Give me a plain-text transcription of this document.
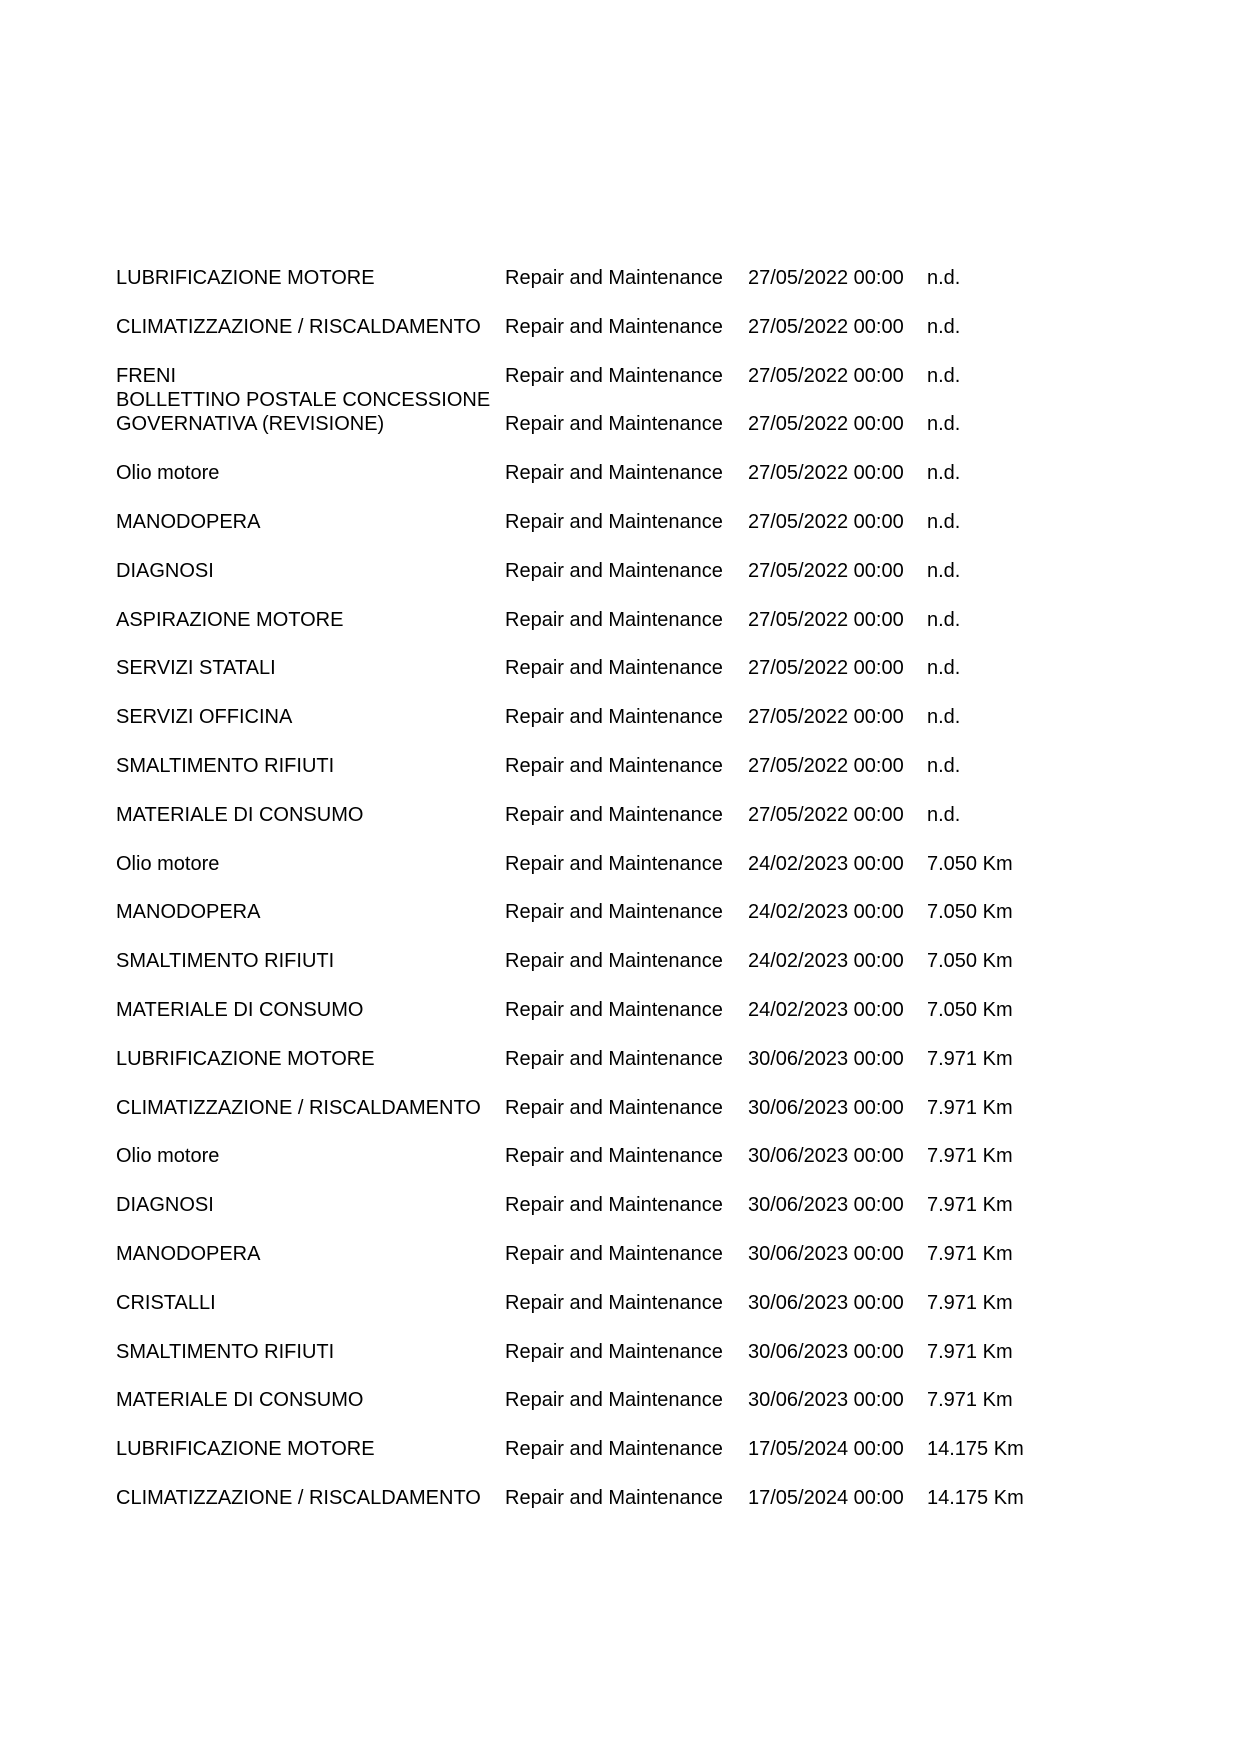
LUBRIFICAZIONE MOTORE	Repair and Maintenance	27/05/2022 00:00	n.d.
CLIMATIZZAZIONE / RISCALDAMENTO	Repair and Maintenance	27/05/2022 00:00	n.d.
FRENI	Repair and Maintenance	27/05/2022 00:00	n.d.
BOLLETTINO POSTALE CONCESSIONE
GOVERNATIVA (REVISIONE)	Repair and Maintenance	27/05/2022 00:00	n.d.
Olio motore	Repair and Maintenance	27/05/2022 00:00	n.d.
MANODOPERA	Repair and Maintenance	27/05/2022 00:00	n.d.
DIAGNOSI	Repair and Maintenance	27/05/2022 00:00	n.d.
ASPIRAZIONE MOTORE	Repair and Maintenance	27/05/2022 00:00	n.d.
SERVIZI STATALI	Repair and Maintenance	27/05/2022 00:00	n.d.
SERVIZI OFFICINA	Repair and Maintenance	27/05/2022 00:00	n.d.
SMALTIMENTO RIFIUTI	Repair and Maintenance	27/05/2022 00:00	n.d.
MATERIALE DI CONSUMO	Repair and Maintenance	27/05/2022 00:00	n.d.
Olio motore	Repair and Maintenance	24/02/2023 00:00	7.050 Km
MANODOPERA	Repair and Maintenance	24/02/2023 00:00	7.050 Km
SMALTIMENTO RIFIUTI	Repair and Maintenance	24/02/2023 00:00	7.050 Km
MATERIALE DI CONSUMO	Repair and Maintenance	24/02/2023 00:00	7.050 Km
LUBRIFICAZIONE MOTORE	Repair and Maintenance	30/06/2023 00:00	7.971 Km
CLIMATIZZAZIONE / RISCALDAMENTO	Repair and Maintenance	30/06/2023 00:00	7.971 Km
Olio motore	Repair and Maintenance	30/06/2023 00:00	7.971 Km
DIAGNOSI	Repair and Maintenance	30/06/2023 00:00	7.971 Km
MANODOPERA	Repair and Maintenance	30/06/2023 00:00	7.971 Km
CRISTALLI	Repair and Maintenance	30/06/2023 00:00	7.971 Km
SMALTIMENTO RIFIUTI	Repair and Maintenance	30/06/2023 00:00	7.971 Km
MATERIALE DI CONSUMO	Repair and Maintenance	30/06/2023 00:00	7.971 Km
LUBRIFICAZIONE MOTORE	Repair and Maintenance	17/05/2024 00:00	14.175 Km
CLIMATIZZAZIONE / RISCALDAMENTO	Repair and Maintenance	17/05/2024 00:00	14.175 Km
